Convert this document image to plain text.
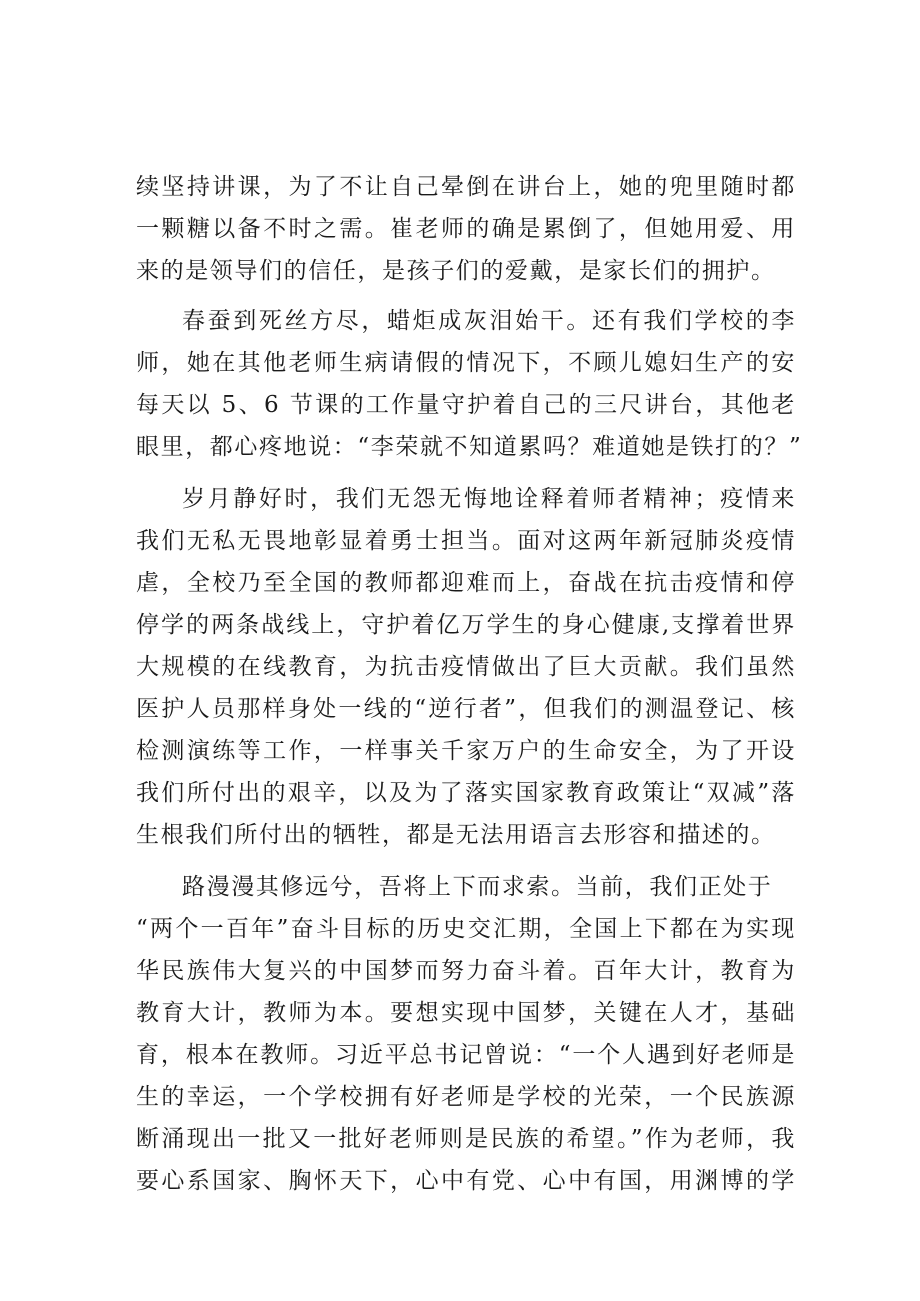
续坚持讲课，为了不让自己晕倒在讲台上，她的兜里随时都
一颗糖以备不时之需。崔老师的确是累倒了，但她用爱、用
来的是领导们的信任，是孩子们的爱戴，是家长们的拥护。
春蚕到死丝方尽，蜡炬成灰泪始干。还有我们学校的李
师，她在其他老师生病请假的情况下，不顾儿媳妇生产的安
每天以 5、6 节课的工作量守护着自己的三尺讲台，其他老
眼里，都心疼地说：“李荣就不知道累吗？难道她是铁打的？”
岁月静好时，我们无怨无悔地诠释着师者精神；疫情来
我们无私无畏地彰显着勇士担当。面对这两年新冠肺炎疫情
虐，全校乃至全国的教师都迎难而上，奋战在抗击疫情和停
停学的两条战线上，守护着亿万学生的身心健康,支撑着世界
大规模的在线教育，为抗击疫情做出了巨大贡献。我们虽然
医护人员那样身处一线的“逆行者”，但我们的测温登记、核
检测演练等工作，一样事关千家万户的生命安全，为了开设
我们所付出的艰辛，以及为了落实国家教育政策让“双减”落
生根我们所付出的牺牲，都是无法用语言去形容和描述的。
路漫漫其修远兮，吾将上下而求索。当前，我们正处于
“两个一百年”奋斗目标的历史交汇期，全国上下都在为实现
华民族伟大复兴的中国梦而努力奋斗着。百年大计，教育为
教育大计，教师为本。要想实现中国梦，关键在人才，基础
育，根本在教师。习近平总书记曾说：“一个人遇到好老师是
生的幸运，一个学校拥有好老师是学校的光荣，一个民族源
断涌现出一批又一批好老师则是民族的希望。”作为老师，我
要心系国家、胸怀天下，心中有党、心中有国，用渊博的学
